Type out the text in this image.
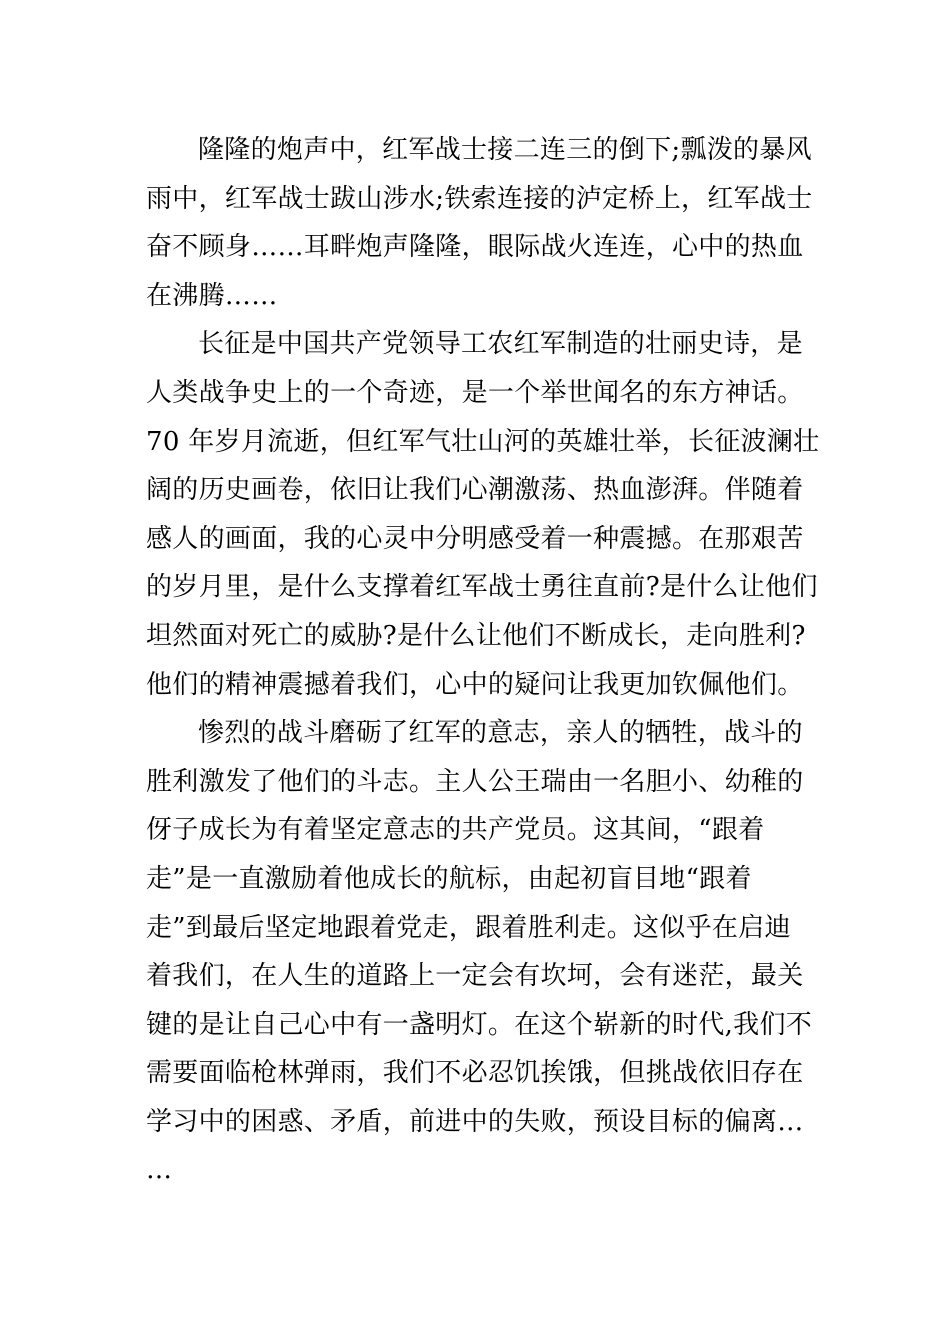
隆隆的炮声中，红军战士接二连三的倒下;瓢泼的暴风
雨中，红军战士跋山涉水;铁索连接的泸定桥上，红军战士
奋不顾身……耳畔炮声隆隆，眼际战火连连，心中的热血
在沸腾……

长征是中国共产党领导工农红军制造的壮丽史诗，是
人类战争史上的一个奇迹，是一个举世闻名的东方神话。
70 年岁月流逝，但红军气壮山河的英雄壮举，长征波澜壮
阔的历史画卷，依旧让我们心潮激荡、热血澎湃。伴随着
感人的画面，我的心灵中分明感受着一种震撼。在那艰苦
的岁月里，是什么支撑着红军战士勇往直前?是什么让他们
坦然面对死亡的威胁?是什么让他们不断成长，走向胜利?
他们的精神震撼着我们，心中的疑问让我更加钦佩他们。

惨烈的战斗磨砺了红军的意志，亲人的牺牲，战斗的
胜利激发了他们的斗志。主人公王瑞由一名胆小、幼稚的
伢子成长为有着坚定意志的共产党员。这其间，“跟着
走”是一直激励着他成长的航标，由起初盲目地“跟着
走”到最后坚定地跟着党走，跟着胜利走。这似乎在启迪
着我们，在人生的道路上一定会有坎坷，会有迷茫，最关
键的是让自己心中有一盏明灯。在这个崭新的时代,我们不
需要面临枪林弹雨，我们不必忍饥挨饿，但挑战依旧存在
学习中的困惑、矛盾，前进中的失败，预设目标的偏离…
…
